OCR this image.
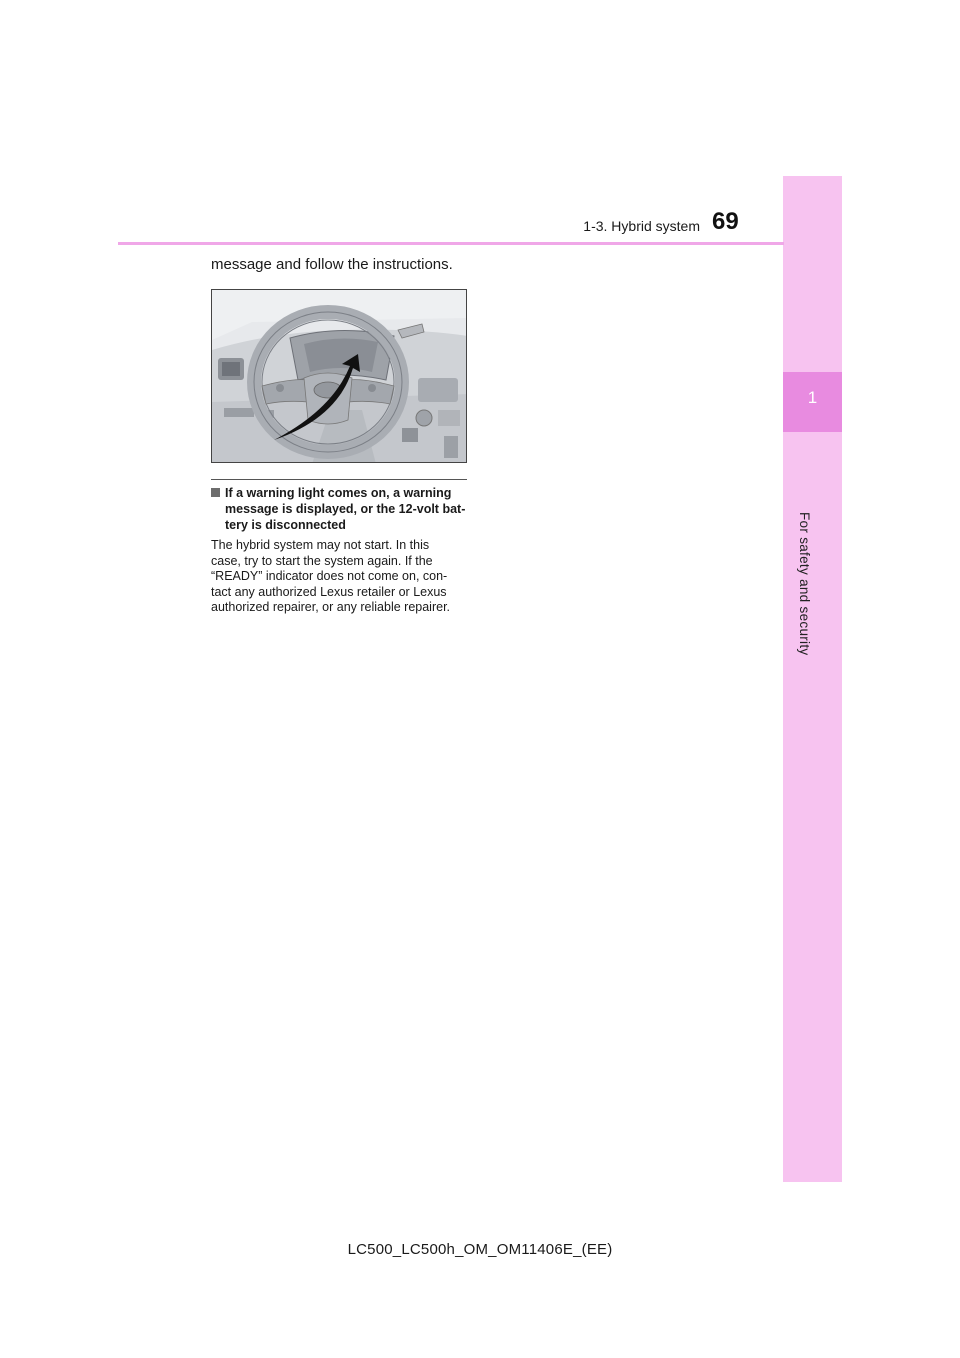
1
For safety and security
1-3. Hybrid system 69
message and follow the instructions.
If a warning light comes on, a warning
message is displayed, or the 12-volt bat-
tery is disconnected
The hybrid system may not start. In this
case, try to start the system again. If the
“READY” indicator does not come on, con-
tact any authorized Lexus retailer or Lexus
authorized repairer, or any reliable repairer.
LC500_LC500h_OM_OM11406E_(EE)
